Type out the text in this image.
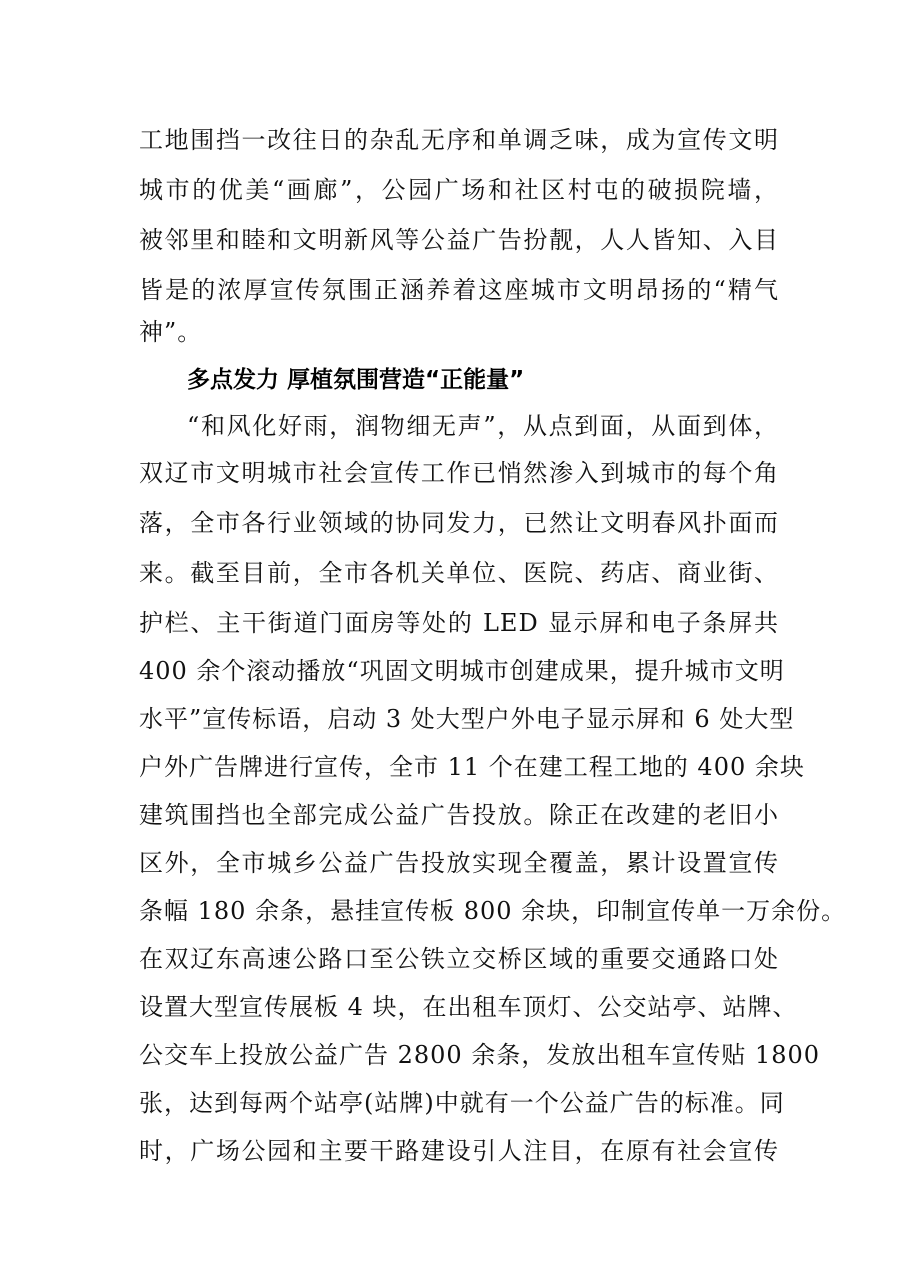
工地围挡一改往日的杂乱无序和单调乏味，成为宣传文明
城市的优美“画廊”，公园广场和社区村屯的破损院墙，
被邻里和睦和文明新风等公益广告扮靓，人人皆知、入目
皆是的浓厚宣传氛围正涵养着这座城市文明昂扬的“精气
神”。
多点发力 厚植氛围营造“正能量”
“和风化好雨，润物细无声”，从点到面，从面到体，
双辽市文明城市社会宣传工作已悄然渗入到城市的每个角
落，全市各行业领域的协同发力，已然让文明春风扑面而
来。截至目前，全市各机关单位、医院、药店、商业街、
护栏、主干街道门面房等处的 LED 显示屏和电子条屏共
400 余个滚动播放“巩固文明城市创建成果，提升城市文明
水平”宣传标语，启动 3 处大型户外电子显示屏和 6 处大型
户外广告牌进行宣传，全市 11 个在建工程工地的 400 余块
建筑围挡也全部完成公益广告投放。除正在改建的老旧小
区外，全市城乡公益广告投放实现全覆盖，累计设置宣传
条幅 180 余条，悬挂宣传板 800 余块，印制宣传单一万余份。
在双辽东高速公路口至公铁立交桥区域的重要交通路口处
设置大型宣传展板 4 块，在出租车顶灯、公交站亭、站牌、
公交车上投放公益广告 2800 余条，发放出租车宣传贴 1800
张，达到每两个站亭(站牌)中就有一个公益广告的标准。同
时，广场公园和主要干路建设引人注目，在原有社会宣传
